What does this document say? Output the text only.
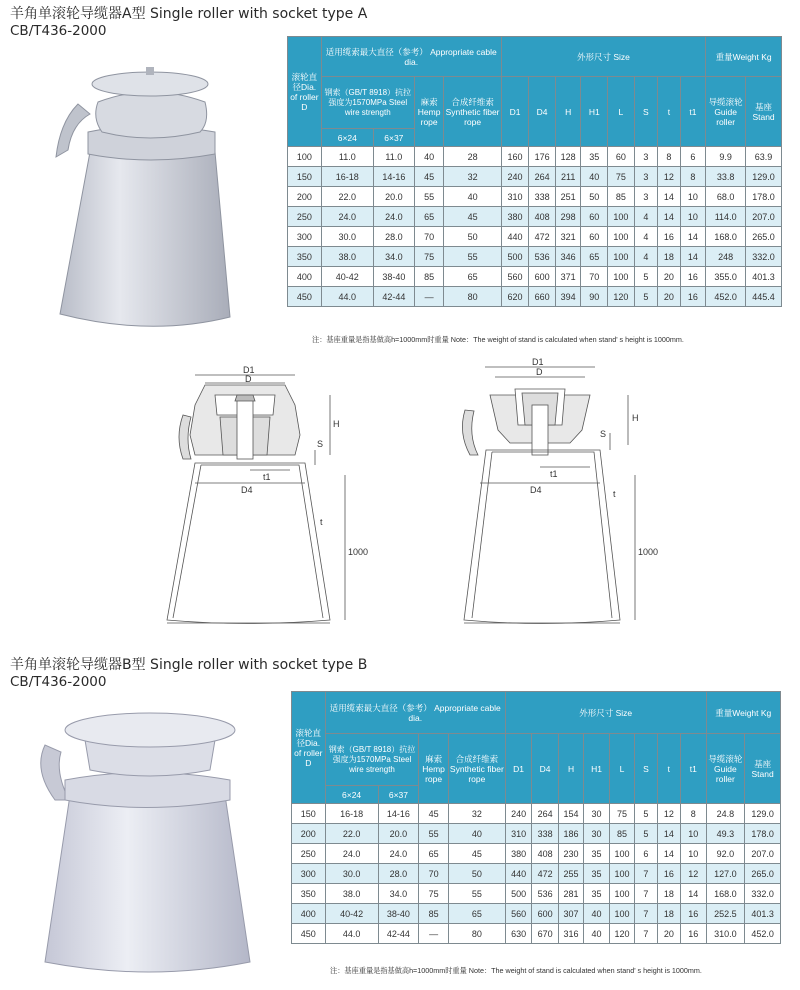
羊角单滚轮导缆器A型 Single roller with socket type A
CB/T436-2000
滚轮直径Dia. of roller D	适用缆索最大直径（参考） Appropriate cable dia.				外形尺寸 Size								重量Weight Kg	
	钢索（GB/T 8918）抗拉强度为1570MPa Steel wire strength		麻索 Hemp rope	合成纤维索 Synthetic fiber rope	D1	D4	H	H1	L	S	t	t1	导缆滚轮 Guide roller	基座 Stand
	6×24	6×37												
100	11.0	11.0	40	28	160	176	128	35	60	3	8	6	9.9	63.9
150	16-18	14-16	45	32	240	264	211	40	75	3	12	8	33.8	129.0
200	22.0	20.0	55	40	310	338	251	50	85	3	14	10	68.0	178.0
250	24.0	24.0	65	45	380	408	298	60	100	4	14	10	114.0	207.0
300	30.0	28.0	70	50	440	472	321	60	100	4	16	14	168.0	265.0
350	38.0	34.0	75	55	500	536	346	65	100	4	18	14	248	332.0
400	40-42	38-40	85	65	560	600	371	70	100	5	20	16	355.0	401.3
450	44.0	42-44	—	80	620	660	394	90	120	5	20	16	452.0	445.4
注：基座重量是指基做高h=1000mm时重量 Note：The weight of stand is calculated when stand' s height is 1000mm.
D1
D
D4
H
S
t1
t
1000
D1
D
D4
H
S
t1
t
1000
羊角单滚轮导缆器B型 Single roller with socket type B
CB/T436-2000
滚轮直径Dia. of roller D	适用缆索最大直径（参考） Appropriate cable dia.				外形尺寸 Size								重量Weight Kg	
	钢索（GB/T 8918）抗拉强度为1570MPa Steel wire strength		麻索 Hemp rope	合成纤维索 Synthetic fiber rope	D1	D4	H	H1	L	S	t	t1	导缆滚轮 Guide roller	基座 Stand
	6×24	6×37												
150	16-18	14-16	45	32	240	264	154	30	75	5	12	8	24.8	129.0
200	22.0	20.0	55	40	310	338	186	30	85	5	14	10	49.3	178.0
250	24.0	24.0	65	45	380	408	230	35	100	6	14	10	92.0	207.0
300	30.0	28.0	70	50	440	472	255	35	100	7	16	12	127.0	265.0
350	38.0	34.0	75	55	500	536	281	35	100	7	18	14	168.0	332.0
400	40-42	38-40	85	65	560	600	307	40	100	7	18	16	252.5	401.3
450	44.0	42-44	—	80	630	670	316	40	120	7	20	16	310.0	452.0
注：基座重量是指基做高h=1000mm时重量 Note：The weight of stand is calculated when stand' s height is 1000mm.
